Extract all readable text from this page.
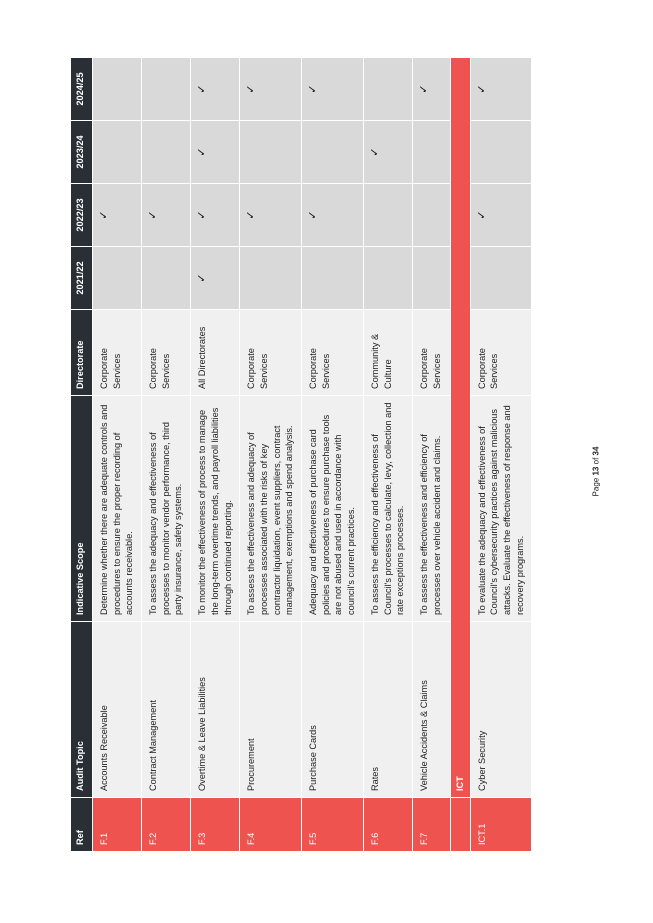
Ref	Audit Topic	Indicative Scope	Directorate	2021/22	2022/23	2023/24	2024/25
F.1	Accounts Receivable	Determine whether there are adequate controls and procedures to ensure the proper recording of accounts receivable.	Corporate Services		✓		
F.2	Contract Management	To assess the adequacy and effectiveness of processes to monitor vendor performance, third party insurance, safety systems.	Corporate Services		✓		
F.3	Overtime & Leave Liabilities	To monitor the effectiveness of process to manage the long-term overtime trends, and payroll liabilities through continued reporting.	All Directorates	✓	✓	✓	✓
F.4	Procurement	To assess the effectiveness and adequacy of processes associated with the risks of key contractor liquidation, event suppliers, contract management, exemptions and spend analysis.	Corporate Services		✓		✓
F.5	Purchase Cards	Adequacy and effectiveness of purchase card policies and procedures to ensure purchase tools are not abused and used in accordance with council's current practices.	Corporate Services		✓		✓
F.6	Rates	To assess the efficiency and effectiveness of Council's processes to calculate, levy, collection and rate exceptions processes.	Community & Culture			✓	
F.7	Vehicle Accidents & Claims	To assess the effectiveness and efficiency of processes over vehicle accident and claims.	Corporate Services				✓
	ICT						
ICT.1	Cyber Security	To evaluate the adequacy and effectiveness of Council's cybersecurity practices against malicious attacks. Evaluate the effectiveness of response and recovery programs.	Corporate Services		✓		✓
Page 13 of 34
